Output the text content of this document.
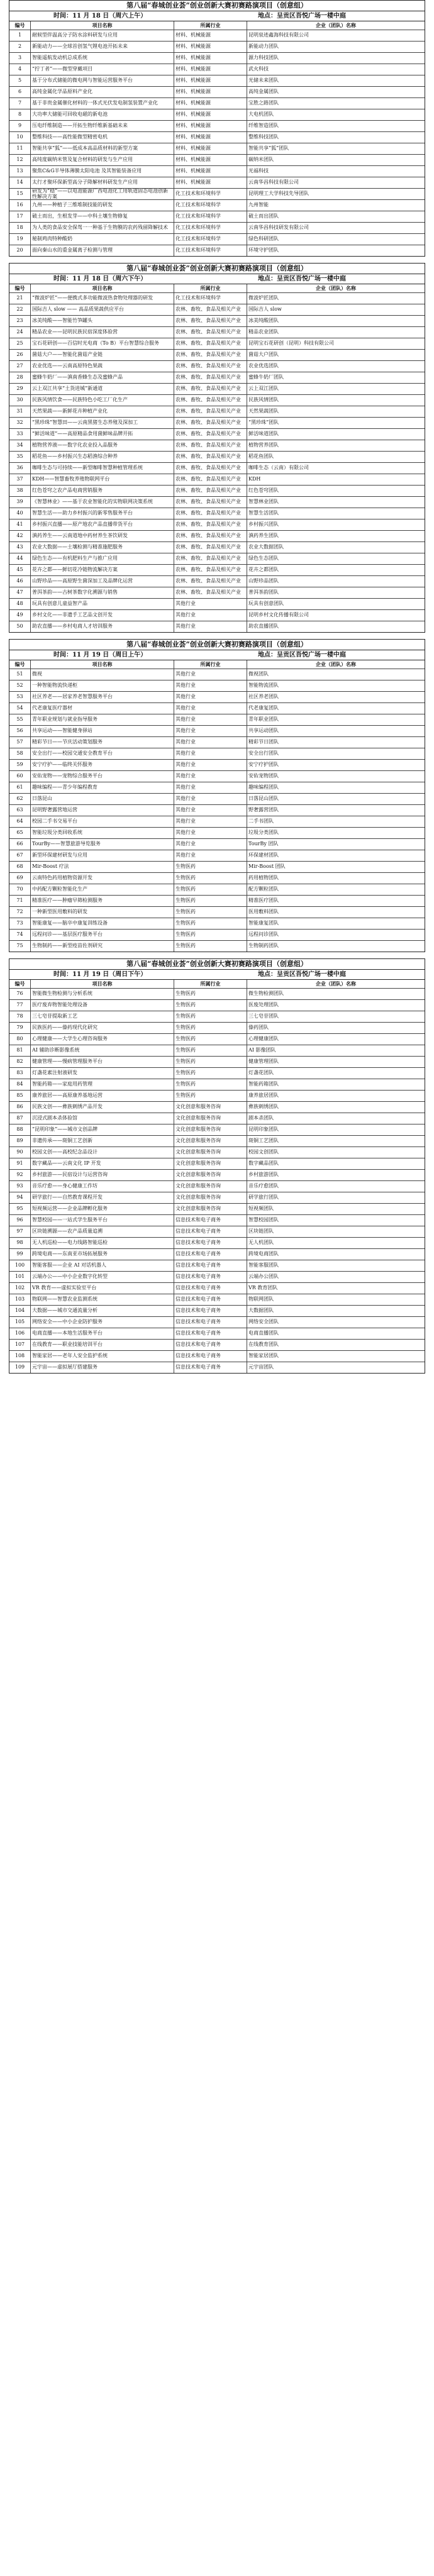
第八届“春城创业荟”创业创新大赛初赛路演项目（创意组）
时间：11 月 18 日（周六上午）	地点：呈贡区吾悦广场一楼中庭
编号	项目名称	所属行业	企业（团队）名称
1	耐候型伴温高分子防水涂料研发与应用	材料、机械能源	昆明泉迹鑫海科技有限公司
2	新能动力——全球首创氢气锂电池开拓未来	材料、机械能源	新能动力团队
3	智能遥航发动机总成系统	材料、机械能源	源力科技团队
4	“拧丁者”——微型穿戴项目	材料、机械能源	武火科技
5	基于分布式储能的微电网与智能运营服务平台	材料、机械能源	光储未来团队
6	高纯金属化学品原料产业化	材料、机械能源	高纯金属团队
7	基于非贵金属催化材料的一体式光伏发电制氢装置产业化	材料、机械能源	宝胜之路团队
8	大功率大储能可回收电磁的新电池	材料、机械能源	大电机团队
9	压电纤维制造——开拓生物纤维新基础未来	材料、机械能源	纤维智造团队
10	整维科技——高性能微型精密电机	材料、机械能源	整维科技团队
11	智能共享“狐”——低成本高品质材料的新型方案	材料、机械能源	智能共享“狐”团队
12	高纯度碳纳米管及复合材料的研发与生产应用	材料、机械能源	碳纳米团队
13	聚焦C&G半导体薄膜太阳电池 及其智能装备应用	材料、机械能源	光福科技
14	太行才聚环保新型高分子降解材料研发生产应用	材料、机械能源	云南华昌科技有限公司
15	研发为“稳”——以电池能源广西电池化工用轨道固态电池创新性解决方案	化工技术和环境科学	昆明理工大学科技先导团队
16	九州——种植子三维堆制技能的研发	化工技术和环境科学	九州智能
17	破土而出，生根发芽——中科土壤生物修复	化工技术和环境科学	破土而出团队
18	为人类的食品安全保驾一一种基于生物膜的农药残留降解技术	化工技术和环境科学	云南华昌科技研发有限公司
19	秘制鸡肉特种酸奶	化工技术和环境科学	绿色科研团队
20	面向秦山水的重金属离子检测与管理	化工技术和环境科学	环境守护团队
第八届“春城创业荟”创业创新大赛初赛路演项目（创意组）
时间：11 月 18 日（周六下午）	地点：呈贡区吾悦广场一楼中庭
编号	项目名称	所属行业	企业（团队）名称
21	“微波炉匠”——便携式多功能微波热食物处理器的研发	化工技术和环境科学	微波炉匠团队
22	国际吉人 slow —— 高品质果蔬供应平台	农林、畜牧、食品及相关产业	国际吉人 slow
23	冰美纯酸——智能竹笋罐头	农林、畜牧、食品及相关产业	冰美纯酸团队
24	精品农业——昆明民族民宿深度体验营	农林、畜牧、食品及相关产业	精品农业团队
25	宝石花研创——百信时光电商（To B）平台智慧综合服务	农林、畜牧、食品及相关产业	昆明宝石花研创（昆明）科技有限公司
26	菌菇大户——智能化菌菇产业链	农林、畜牧、食品及相关产业	菌菇大户团队
27	农业优选——云南高原特色果蔬	农林、畜牧、食品及相关产业	农业优选团队
28	蜜蜂牛奶厂——滇南香蜂生态及蜜蜂产品	农林、畜牧、食品及相关产业	蜜蜂牛奶厂团队
29	云上双江共享“土货进城”新通道	农林、畜牧、食品及相关产业	云上双江团队
30	民族风情饮食——民族特色小吃工厂化生产	农林、畜牧、食品及相关产业	民族风情团队
31	天然果蔬——新鲜花卉种植产业化	农林、畜牧、食品及相关产业	天然果蔬团队
32	“黑珍珠”智慧田——云南黑猪生态养殖及深加工	农林、畜牧、食品及相关产业	“黑珍珠”团队
33	“鲜活味道”——高原精品食用菌鲜味品牌开拓	农林、畜牧、食品及相关产业	鲜活味道团队
34	植物营养液——数字化农业投入品服务	农林、畜牧、食品及相关产业	植物营养团队
35	稻花鱼——乡村振兴生态稻渔综合种养	农林、畜牧、食品及相关产业	稻花鱼团队
36	咖啡生态与可持续——新型咖啡智慧种植管理系统	农林、畜牧、食品及相关产业	咖啡生态（云南）有限公司
37	KDH——智慧畜牧养殖物联网平台	农林、畜牧、食品及相关产业	KDH
38	红色苍穹之农产品电商营销服务	农林、畜牧、食品及相关产业	红色苍穹团队
39	《智慧林业》——基于农业智能化的实物联网决策系统	农林、畜牧、食品及相关产业	智慧林业团队
40	智慧生活——助力乡村振兴的新零售服务平台	农林、畜牧、食品及相关产业	智慧生活团队
41	乡村振兴直播——原产地农产品直播带货平台	农林、畜牧、食品及相关产业	乡村振兴团队
42	滇药养生——云南道地中药材养生茶饮研发	农林、畜牧、食品及相关产业	滇药养生团队
43	农业大数据——土壤检测与精准施肥服务	农林、畜牧、食品及相关产业	农业大数据团队
44	绿色生态——有机肥料生产与推广应用	农林、畜牧、食品及相关产业	绿色生态团队
45	花卉之都——鲜切花冷链物流解决方案	农林、畜牧、食品及相关产业	花卉之都团队
46	山野珍品——高原野生菌深加工及品牌化运营	农林、畜牧、食品及相关产业	山野珍品团队
47	普洱茶韵——古树茶数字化溯源与销售	农林、畜牧、食品及相关产业	普洱茶韵团队
48	玩具有创意儿童益智产品	其他行业	玩具有创意团队
49	乡村文化——非遗手工艺品文创开发	其他行业	昆明乡村文化传播有限公司
50	助农直播——乡村电商人才培训服务	其他行业	助农直播团队
第八届“春城创业荟”创业创新大赛初赛路演项目（创意组）
时间：11 月 19 日（周日上午）	地点：呈贡区吾悦广场一楼中庭
编号	项目名称	所属行业	企业（团队）名称
51	微视	其他行业	微视团队
52	一种智能物流快递柜	其他行业	智能物流团队
53	社区养老——居家养老智慧服务平台	其他行业	社区养老团队
54	代老康复医疗器材	其他行业	代老康复团队
55	青年职业规划与就业指导服务	其他行业	青年职业团队
56	共享运动——智能健身驿站	其他行业	共享运动团队
57	精彩节日——节庆活动策划服务	其他行业	精彩节日团队
58	安全出行——校园交通安全教育平台	其他行业	安全出行团队
59	安宁疗护——临终关怀服务	其他行业	安宁疗护团队
60	安佑宠物——宠物综合服务平台	其他行业	安佑宠物团队
61	趣味编程——青少年编程教育	其他行业	趣味编程团队
62	日落昆山	其他行业	日落昆山团队
63	昆明野奢露营地运营	其他行业	野奢露营团队
64	校园二手书交易平台	其他行业	二手书团队
65	智能垃圾分类回收系统	其他行业	垃圾分类团队
66	TourBy——智慧旅游导览服务	其他行业	TourBy 团队
67	新型环保建材研发与应用	其他行业	环保建材团队
68	Mir-Boost 疗法	生物医药	Mir-Boost 团队
69	云南特色药用植物资源开发	生物医药	药用植物团队
70	中药配方颗粒智能化生产	生物医药	配方颗粒团队
71	精准医疗——肿瘤早筛检测服务	生物医药	精准医疗团队
72	一种新型医用敷料的研发	生物医药	医用敷料团队
73	智能康复——脑卒中康复训练设备	生物医药	智能康复团队
74	远程问诊——基层医疗服务平台	生物医药	远程问诊团队
75	生物制药——新型疫苗佐剂研究	生物医药	生物制药团队
第八届“春城创业荟”创业创新大赛初赛路演项目（创意组）
时间：11 月 19 日（周日下午）	地点：呈贡区吾悦广场一楼中庭
编号	项目名称	所属行业	企业（团队）名称
76	智能微生物检测与分析系统	生物医药	微生物检测团队
77	医疗废弃物智能处理设备	生物医药	医废处理团队
78	三七皂苷提取新工艺	生物医药	三七皂苷团队
79	民族医药——傣药现代化研究	生物医药	傣药团队
80	心理健康——大学生心理咨询服务	生物医药	心理健康团队
81	AI 辅助诊断影像系统	生物医药	AI 影像团队
82	健康管理——慢病管理服务平台	生物医药	健康管理团队
83	灯盏花素注射液研发	生物医药	灯盏花团队
84	智能药箱——家庭用药管理	生物医药	智能药箱团队
85	康养旅居——高原康养基地运营	生物医药	康养旅居团队
86	民族文创——彝族刺绣产品开发	文化创意和服务咨询	彝族刺绣团队
87	沉浸式剧本杀体验馆	文化创意和服务咨询	剧本杀团队
88	“昆明印象”——城市文创品牌	文化创意和服务咨询	昆明印象团队
89	非遗传承——斑铜工艺创新	文化创意和服务咨询	斑铜工艺团队
90	校园文创——高校纪念品设计	文化创意和服务咨询	校园文创团队
91	数字藏品——云南文化 IP 开发	文化创意和服务咨询	数字藏品团队
92	乡村旅游——民宿设计与运营咨询	文化创意和服务咨询	乡村旅游团队
93	音乐疗愈——身心健康工作坊	文化创意和服务咨询	音乐疗愈团队
94	研学旅行——自然教育课程开发	文化创意和服务咨询	研学旅行团队
95	短视频运营——企业品牌孵化服务	文化创意和服务咨询	短视频团队
96	智慧校园——一站式学生服务平台	信息技术和电子商务	智慧校园团队
97	区块链溯源——农产品质量追溯	信息技术和电子商务	区块链团队
98	无人机巡检——电力线路智能巡检	信息技术和电子商务	无人机团队
99	跨境电商——东南亚市场拓展服务	信息技术和电子商务	跨境电商团队
100	智能客服——企业 AI 对话机器人	信息技术和电子商务	智能客服团队
101	云端办公——中小企业数字化转型	信息技术和电子商务	云端办公团队
102	VR 教育——虚拟实验室平台	信息技术和电子商务	VR 教育团队
103	物联网——智慧农业监测系统	信息技术和电子商务	物联网团队
104	大数据——城市交通流量分析	信息技术和电子商务	大数据团队
105	网络安全——中小企业防护服务	信息技术和电子商务	网络安全团队
106	电商直播——本地生活服务平台	信息技术和电子商务	电商直播团队
107	在线教育——职业技能培训平台	信息技术和电子商务	在线教育团队
108	智能家居——老年人安全监护系统	信息技术和电子商务	智能家居团队
109	元宇宙——虚拟展厅搭建服务	信息技术和电子商务	元宇宙团队
